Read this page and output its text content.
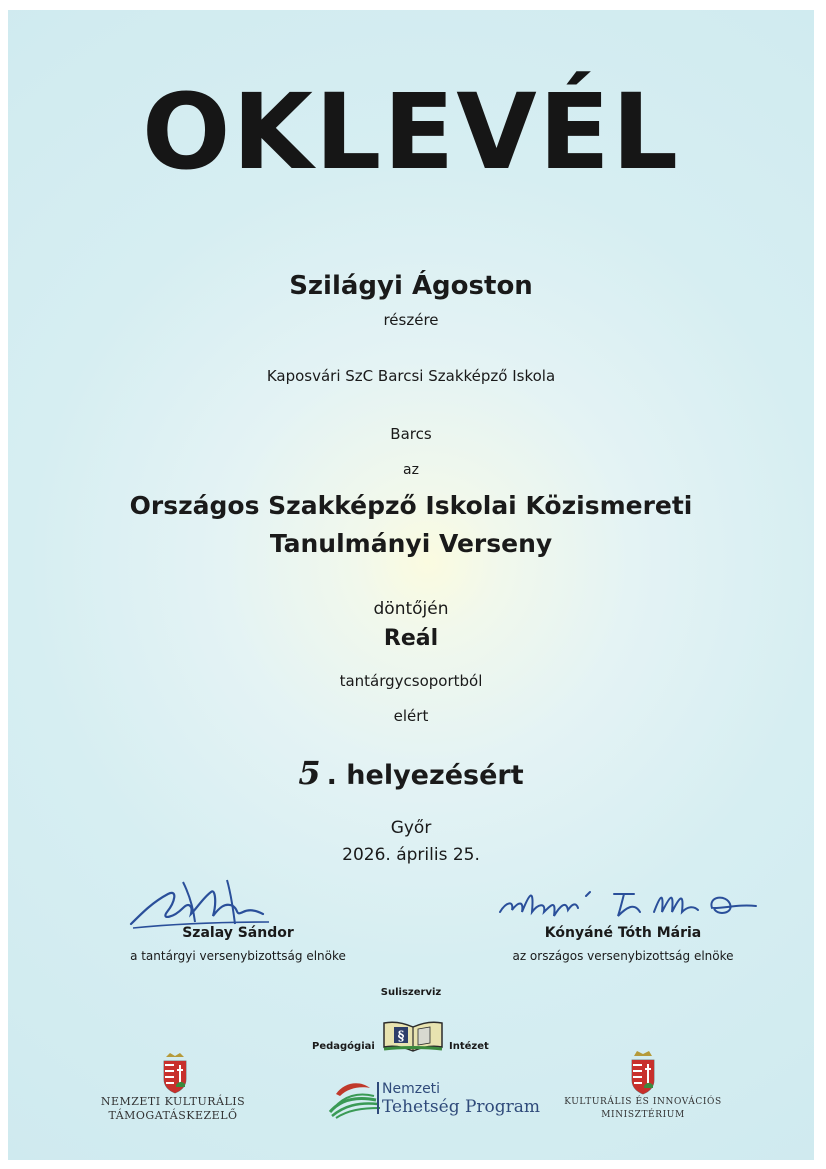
OKLEVÉL
Szilágyi Ágoston
részére
Kaposvári SzC Barcsi Szakképző Iskola
Barcs
az
Országos Szakképző Iskolai Közismereti
Tanulmányi Verseny
döntőjén
Reál
tantárgycsoportból
elért
5 . helyezésért
Győr
2026. április 25.
Szalay Sándor
a tantárgyi versenybizottság elnöke
Kónyáné Tóth Mária
az országos versenybizottság elnöke
Suliszerviz
§
Pedagógiai	Intézet
NEMZETI KULTURÁLIS
TÁMOGATÁSKEZELŐ
Nemzeti
Tehetség Program	KULTURÁLIS ÉS INNOVÁCIÓS
MINISZTÉRIUM
